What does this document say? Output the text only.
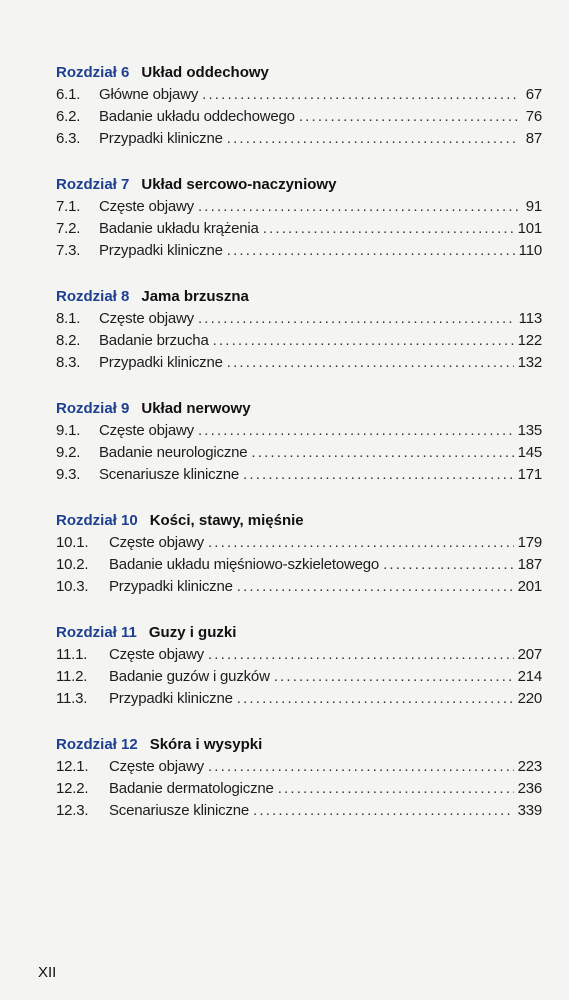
Rozdział 6 Układ oddechowy
6.1.	Główne objawy . . .	67
6.2.	Badanie układu oddechowego . . .	76
6.3.	Przypadki kliniczne . . .	87
Rozdział 7 Układ sercowo-naczyniowy
7.1.	Częste objawy . . .	91
7.2.	Badanie układu krążenia . . .	101
7.3.	Przypadki kliniczne . . .	110
Rozdział 8 Jama brzuszna
8.1.	Częste objawy . . .	113
8.2.	Badanie brzucha . . .	122
8.3.	Przypadki kliniczne . . .	132
Rozdział 9 Układ nerwowy
9.1.	Częste objawy . . .	135
9.2.	Badanie neurologiczne . . .	145
9.3.	Scenariusze kliniczne . . .	171
Rozdział 10 Kości, stawy, mięśnie
10.1.	Częste objawy . . .	179
10.2.	Badanie układu mięśniowo-szkieletowego . . .	187
10.3.	Przypadki kliniczne . . .	201
Rozdział 11 Guzy i guzki
11.1.	Częste objawy . . .	207
11.2.	Badanie guzów i guzków . . .	214
11.3.	Przypadki kliniczne . . .	220
Rozdział 12 Skóra i wysypki
12.1.	Częste objawy . . .	223
12.2.	Badanie dermatologiczne . . .	236
12.3.	Scenariusze kliniczne . . .	339
XII
